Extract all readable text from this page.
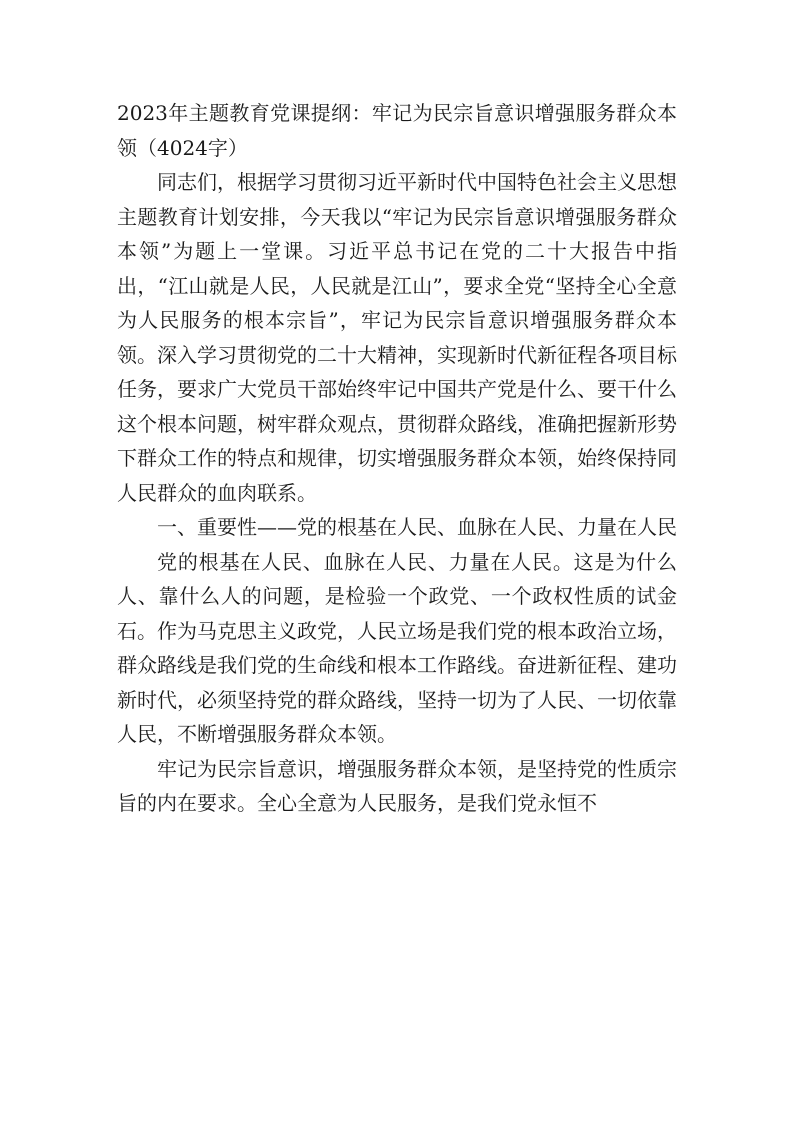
2023年主题教育党课提纲：牢记为民宗旨意识增强服务群众本领（4024字）

同志们，根据学习贯彻习近平新时代中国特色社会主义思想主题教育计划安排，今天我以“牢记为民宗旨意识增强服务群众本领”为题上一堂课。习近平总书记在党的二十大报告中指出，“江山就是人民，人民就是江山”，要求全党“坚持全心全意为人民服务的根本宗旨”，牢记为民宗旨意识增强服务群众本领。深入学习贯彻党的二十大精神，实现新时代新征程各项目标任务，要求广大党员干部始终牢记中国共产党是什么、要干什么这个根本问题，树牢群众观点，贯彻群众路线，准确把握新形势下群众工作的特点和规律，切实增强服务群众本领，始终保持同人民群众的血肉联系。

一、重要性——党的根基在人民、血脉在人民、力量在人民

党的根基在人民、血脉在人民、力量在人民。这是为什么人、靠什么人的问题，是检验一个政党、一个政权性质的试金石。作为马克思主义政党，人民立场是我们党的根本政治立场，群众路线是我们党的生命线和根本工作路线。奋进新征程、建功新时代，必须坚持党的群众路线，坚持一切为了人民、一切依靠人民，不断增强服务群众本领。

牢记为民宗旨意识，增强服务群众本领，是坚持党的性质宗旨的内在要求。全心全意为人民服务，是我们党永恒不
